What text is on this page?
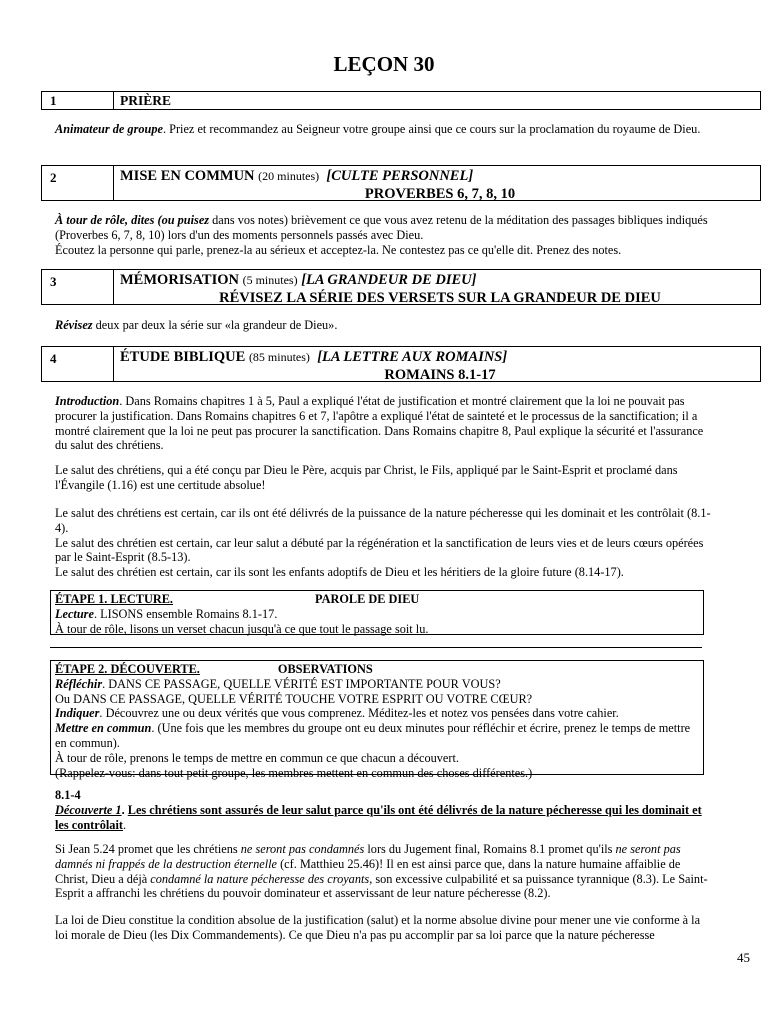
LEÇON 30
1	PRIÈRE

Animateur de groupe. Priez et recommandez au Seigneur votre groupe ainsi que ce cours sur la proclamation du royaume de Dieu.

2	MISE EN COMMUN (20 minutes) [CULTE PERSONNEL]
PROVERBES 6, 7, 8, 10

À tour de rôle, dites (ou puisez dans vos notes) brièvement ce que vous avez retenu de la méditation des passages bibliques indiqués (Proverbes 6, 7, 8, 10) lors d'un des moments personnels passés avec Dieu.

Écoutez la personne qui parle, prenez-la au sérieux et acceptez-la. Ne contestez pas ce qu'elle dit. Prenez des notes.

3	MÉMORISATION (5 minutes) [LA GRANDEUR DE DIEU]
RÉVISEZ LA SÉRIE DES VERSETS SUR LA GRANDEUR DE DIEU

Révisez deux par deux la série sur «la grandeur de Dieu».

4	ÉTUDE BIBLIQUE (85 minutes) [LA LETTRE AUX ROMAINS]
ROMAINS 8.1-17

Introduction. Dans Romains chapitres 1 à 5, Paul a expliqué l'état de justification et montré clairement que la loi ne pouvait pas procurer la justification. Dans Romains chapitres 6 et 7, l'apôtre a expliqué l'état de sainteté et le processus de la sanctification; il a montré clairement que la loi ne peut pas procurer la sanctification. Dans Romains chapitre 8, Paul explique la sécurité et l'assurance du salut des chrétiens.

Le salut des chrétiens, qui a été conçu par Dieu le Père, acquis par Christ, le Fils, appliqué par le Saint-Esprit et proclamé dans l'Évangile (1.16) est une certitude absolue!

Le salut des chrétiens est certain, car ils ont été délivrés de la puissance de la nature pécheresse qui les dominait et les contrôlait (8.1-4).

Le salut des chrétien est certain, car leur salut a débuté par la régénération et la sanctification de leurs vies et de leurs cœurs opérées par le Saint-Esprit (8.5-13).

Le salut des chrétien est certain, car ils sont les enfants adoptifs de Dieu et les héritiers de la gloire future (8.14-17).

ÉTAPE 1. LECTURE.	PAROLE DE DIEU
Lecture. LISONS ensemble Romains 8.1-17.
À tour de rôle, lisons un verset chacun jusqu'à ce que tout le passage soit lu.
ÉTAPE 2. DÉCOUVERTE.	OBSERVATIONS
Réfléchir. DANS CE PASSAGE, QUELLE VÉRITÉ EST IMPORTANTE POUR VOUS?
Ou DANS CE PASSAGE, QUELLE VÉRITÉ TOUCHE VOTRE ESPRIT OU VOTRE CŒUR?
Indiquer. Découvrez une ou deux vérités que vous comprenez. Méditez-les et notez vos pensées dans votre cahier.
Mettre en commun. (Une fois que les membres du groupe ont eu deux minutes pour réfléchir et écrire, prenez le temps de mettre en commun).
À tour de rôle, prenons le temps de mettre en commun ce que chacun a découvert.
(Rappelez-vous: dans tout petit groupe, les membres mettent en commun des choses différentes.)

8.1-4

Découverte 1. Les chrétiens sont assurés de leur salut parce qu'ils ont été délivrés de la nature pécheresse qui les dominait et les contrôlait.

Si Jean 5.24 promet que les chrétiens ne seront pas condamnés lors du Jugement final, Romains 8.1 promet qu'ils ne seront pas damnés ni frappés de la destruction éternelle (cf. Matthieu 25.46)! Il en est ainsi parce que, dans la nature humaine affaiblie de Christ, Dieu a déjà condamné la nature pécheresse des croyants, son excessive culpabilité et sa puissance tyrannique (8.3). Le Saint-Esprit a affranchi les chrétiens du pouvoir dominateur et asservissant de leur nature pécheresse (8.2).

La loi de Dieu constitue la condition absolue de la justification (salut) et la norme absolue divine pour mener une vie conforme à la loi morale de Dieu (les Dix Commandements). Ce que Dieu n'a pas pu accomplir par sa loi parce que la nature pécheresse

45
